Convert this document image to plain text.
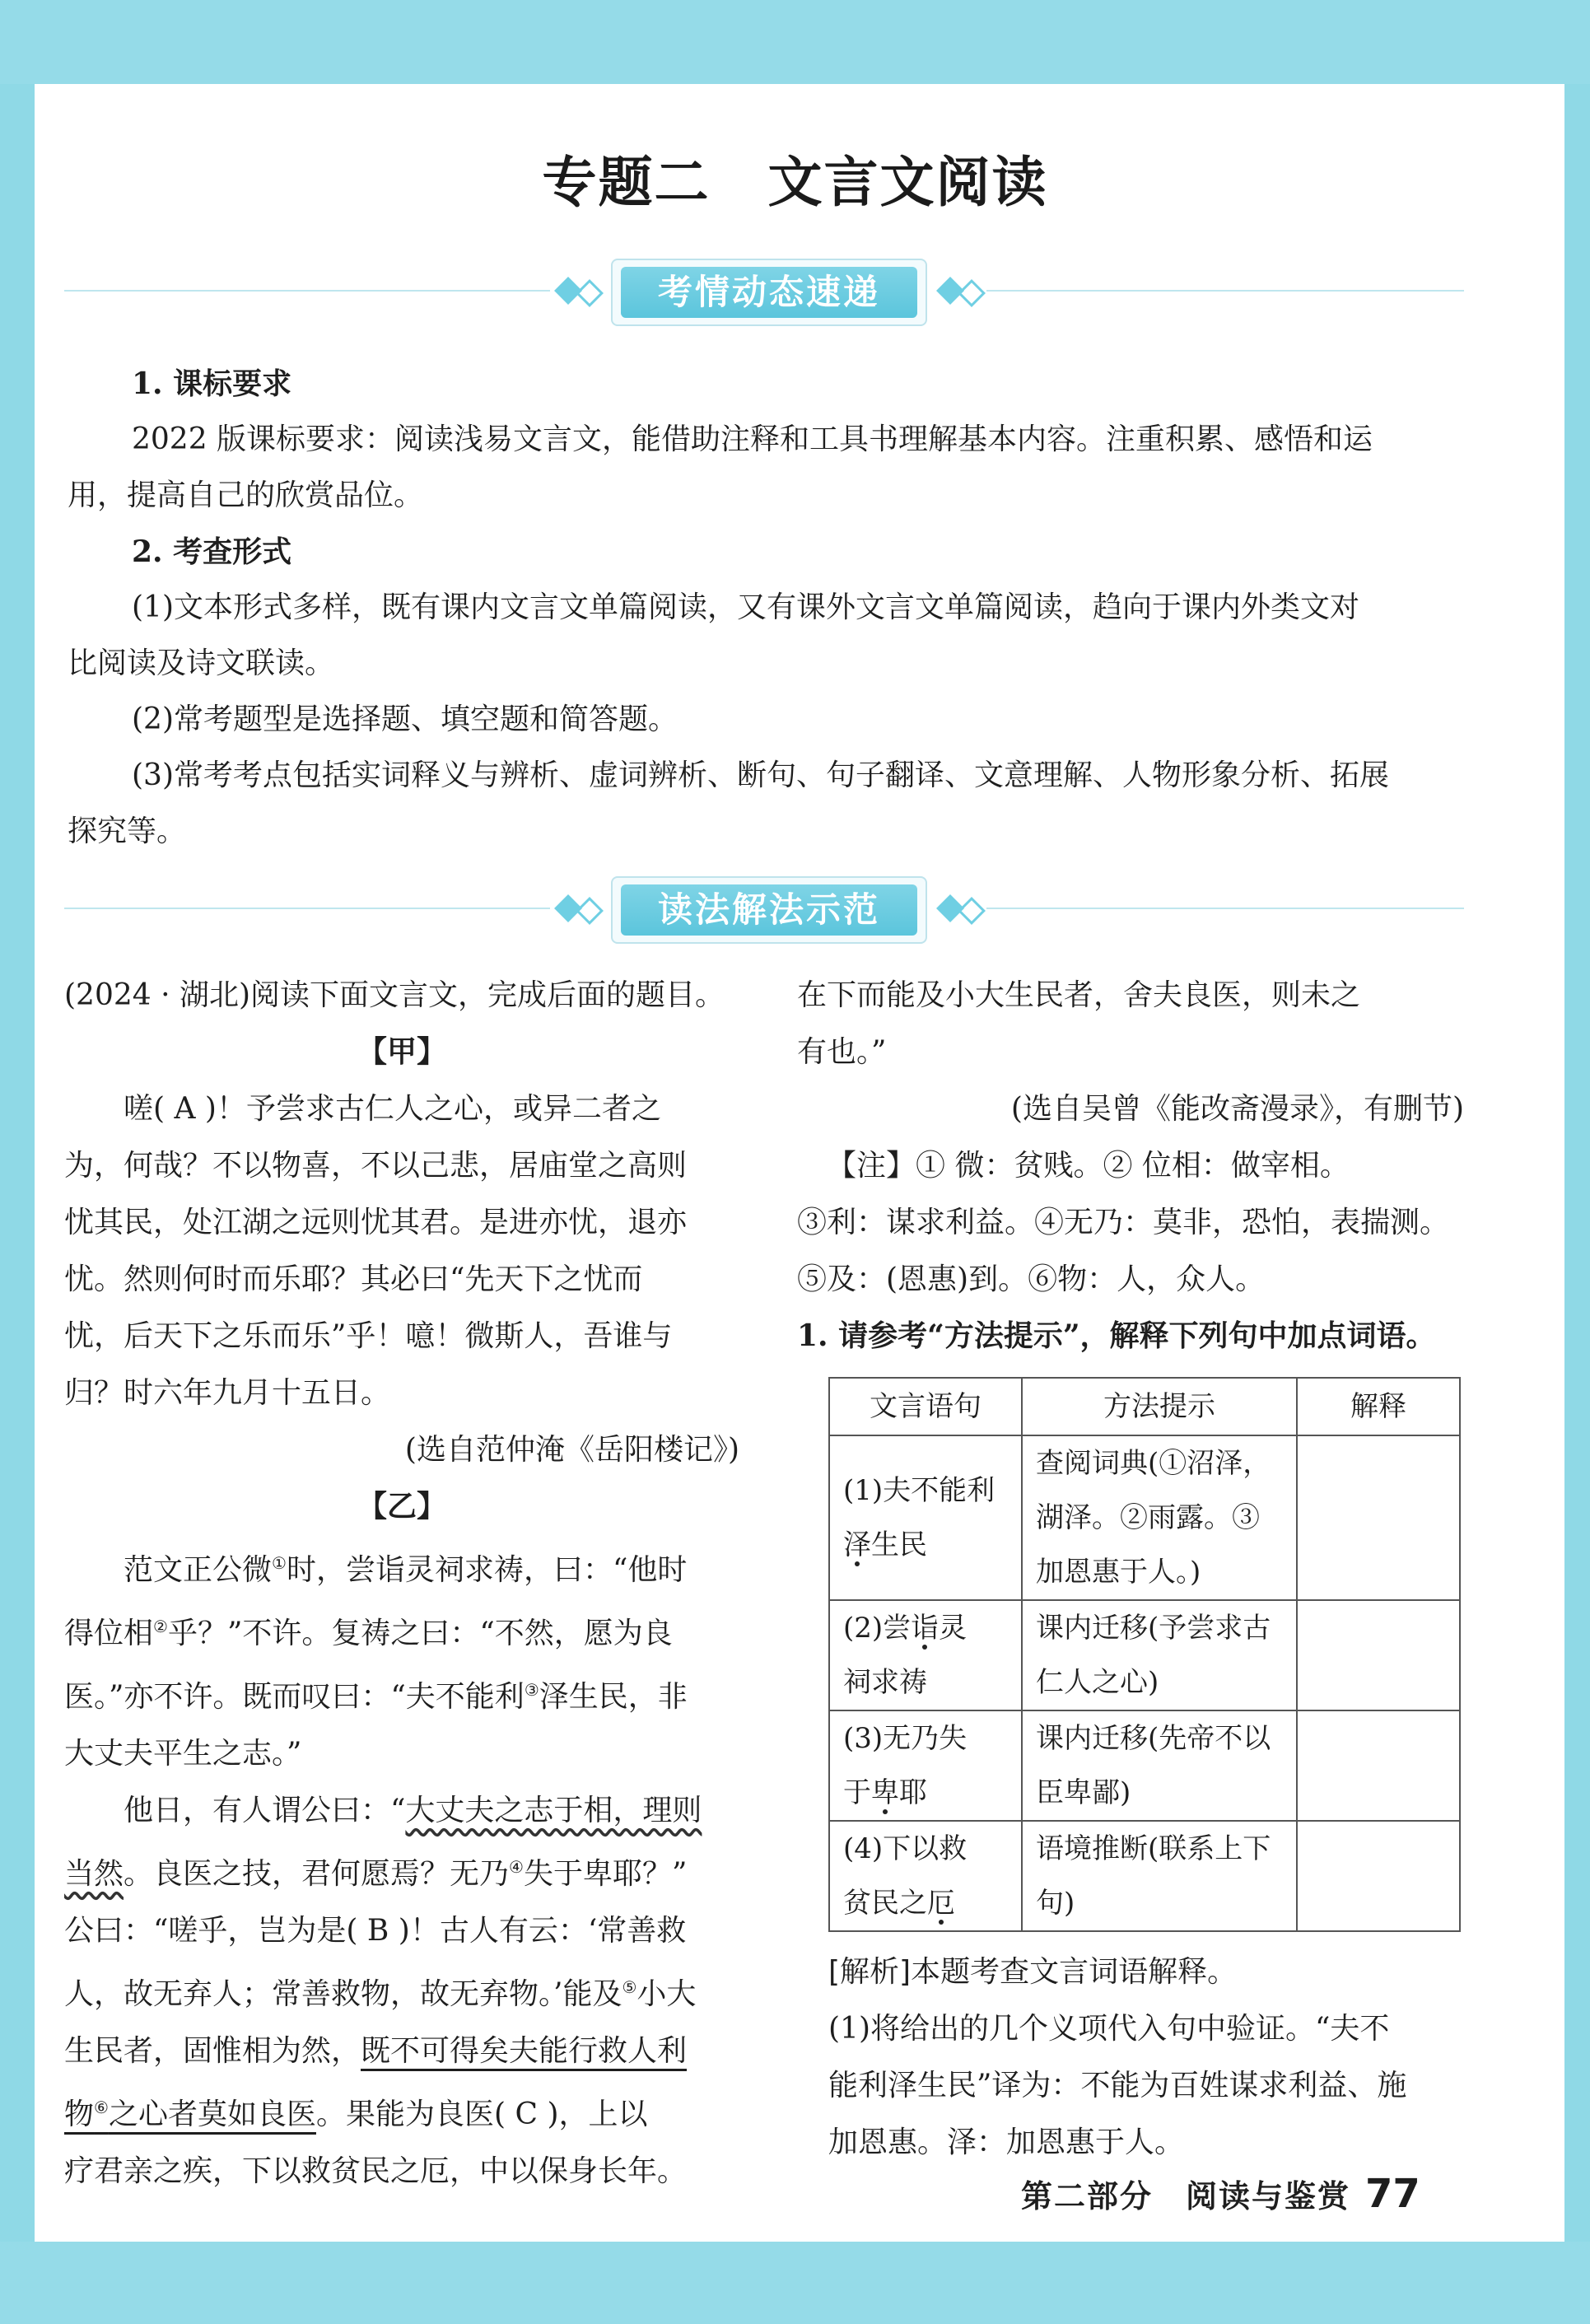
专题二 文言文阅读
考情动态速递

1. 课标要求

2022 版课标要求：阅读浅易文言文，能借助注释和工具书理解基本内容。注重积累、感悟和运

用，提高自己的欣赏品位。

2. 考查形式

(1)文本形式多样，既有课内文言文单篇阅读，又有课外文言文单篇阅读，趋向于课内外类文对

比阅读及诗文联读。

(2)常考题型是选择题、填空题和简答题。

(3)常考考点包括实词释义与辨析、虚词辨析、断句、句子翻译、文意理解、人物形象分析、拓展

探究等。

读法解法示范

(2024 · 湖北)阅读下面文言文，完成后面的题目。

【甲】

嗟( A )！予尝求古仁人之心，或异二者之

为，何哉？不以物喜，不以己悲，居庙堂之高则

忧其民，处江湖之远则忧其君。是进亦忧，退亦

忧。然则何时而乐耶？其必曰“先天下之忧而

忧，后天下之乐而乐”乎！噫！微斯人，吾谁与

归？时六年九月十五日。

(选自范仲淹《岳阳楼记》)

【乙】

范文正公微①时，尝诣灵祠求祷，曰：“他时

得位相②乎？”不许。复祷之曰：“不然，愿为良

医。”亦不许。既而叹曰：“夫不能利③泽生民，非

大丈夫平生之志。”

他日，有人谓公曰：“大丈夫之志于相，理则

当然。良医之技，君何愿焉？无乃④失于卑耶？”

公曰：“嗟乎，岂为是( B )！古人有云：‘常善救

人，故无弃人；常善救物，故无弃物。’能及⑤小大

生民者，固惟相为然，既不可得矣夫能行救人利

物⑥之心者莫如良医。果能为良医( C )，上以

疗君亲之疾，下以救贫民之厄，中以保身长年。

在下而能及小大生民者，舍夫良医，则未之

有也。”

(选自吴曾《能改斋漫录》，有删节)

【注】① 微：贫贱。② 位相：做宰相。

③利：谋求利益。④无乃：莫非，恐怕，表揣测。

⑤及：(恩惠)到。⑥物：人，众人。

1. 请参考“方法提示”，解释下列句中加点词语。

文言语句	方法提示	解释
(1)夫不能利
泽生民	查阅词典(①沼泽，湖泽。②雨露。③加恩惠于人。)	
(2)尝诣灵
祠求祷	课内迁移(予尝求古仁人之心)	
(3)无乃失
于卑耶	课内迁移(先帝不以臣卑鄙)	
(4)下以救
贫民之厄	语境推断(联系上下句)	

[解析]本题考查文言词语解释。

(1)将给出的几个义项代入句中验证。“夫不

能利泽生民”译为：不能为百姓谋求利益、施

加恩惠。泽：加恩惠于人。

第二部分　阅读与鉴赏 77
